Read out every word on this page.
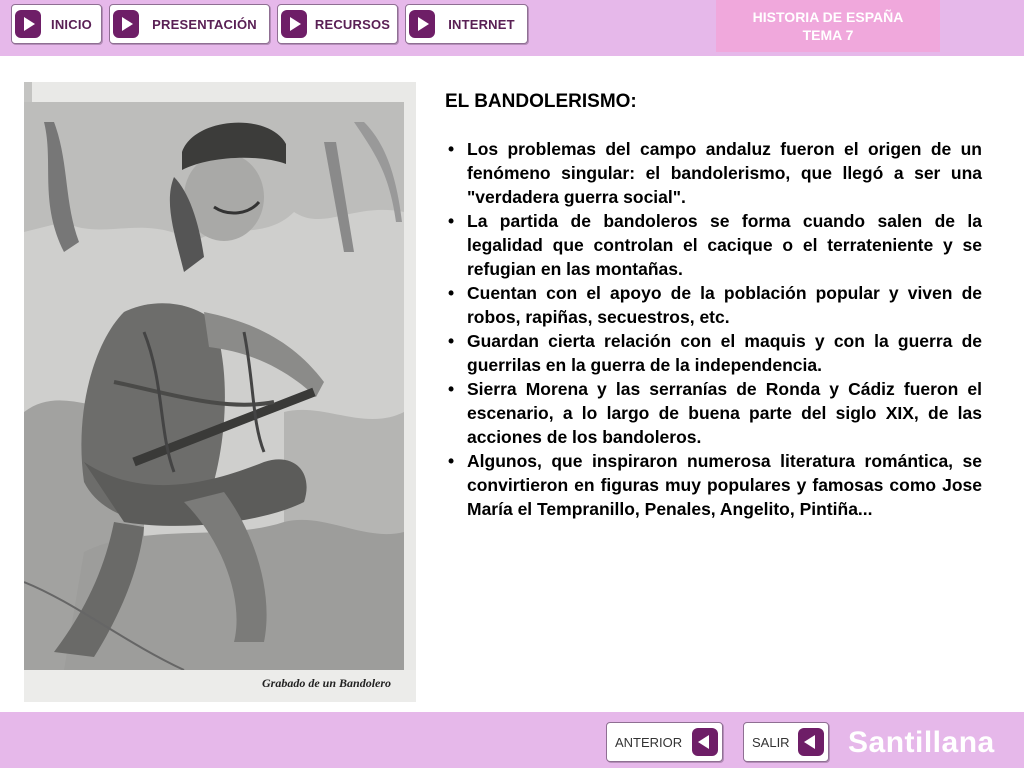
INICIO	PRESENTACIÓN	RECURSOS	INTERNET	HISTORIA DE ESPAÑA
TEMA 7
Grabado de un Bandolero
EL BANDOLERISMO:
• Los problemas del campo andaluz fueron el origen de un fenómeno singular: el bandolerismo, que llegó a ser una "verdadera guerra social".
• La partida de bandoleros se forma cuando salen de la legalidad que controlan el cacique o el terrateniente y se refugian en las montañas.
• Cuentan con el apoyo de la población popular y viven de robos, rapiñas, secuestros, etc.
• Guardan cierta relación con el maquis y con la guerra de guerrilas en la guerra de la independencia.
• Sierra Morena y las serranías de Ronda y Cádiz fueron el escenario, a lo largo de buena parte del siglo XIX, de las acciones de los bandoleros.
• Algunos, que inspiraron numerosa literatura romántica, se convirtieron en figuras muy populares y famosas como Jose María el Tempranillo, Penales, Angelito, Pintiña...
ANTERIOR	SALIR Santillana
